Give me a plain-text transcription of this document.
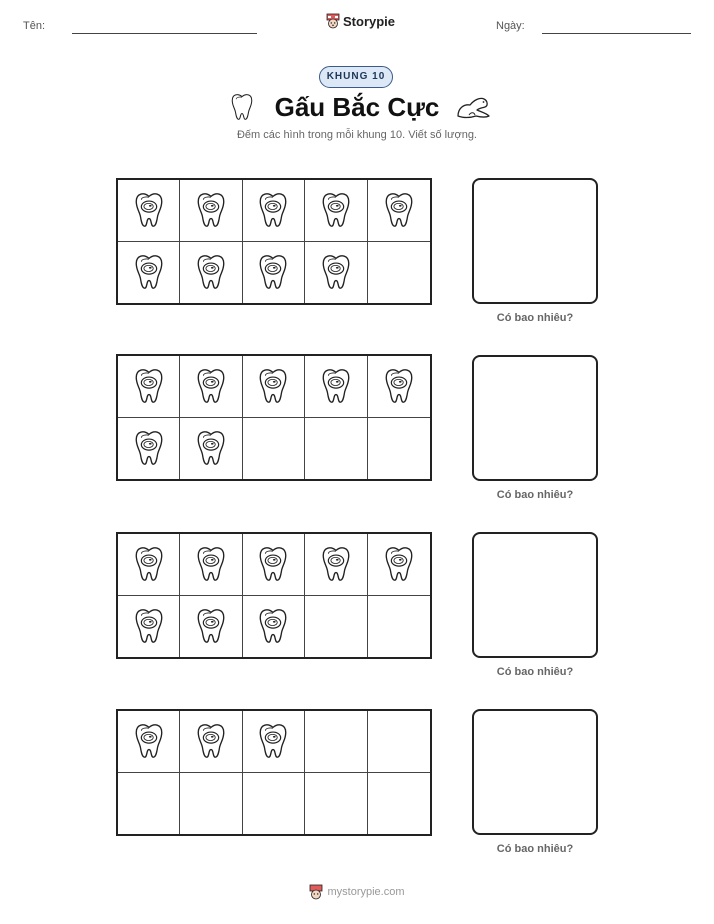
Tên:	Storypie	Ngày:
KHUNG 10
Gấu Bắc Cực
Đếm các hình trong mỗi khung 10. Viết số lượng.
Có bao nhiêu?
Có bao nhiêu?
Có bao nhiêu?
Có bao nhiêu?
mystorypie.com
